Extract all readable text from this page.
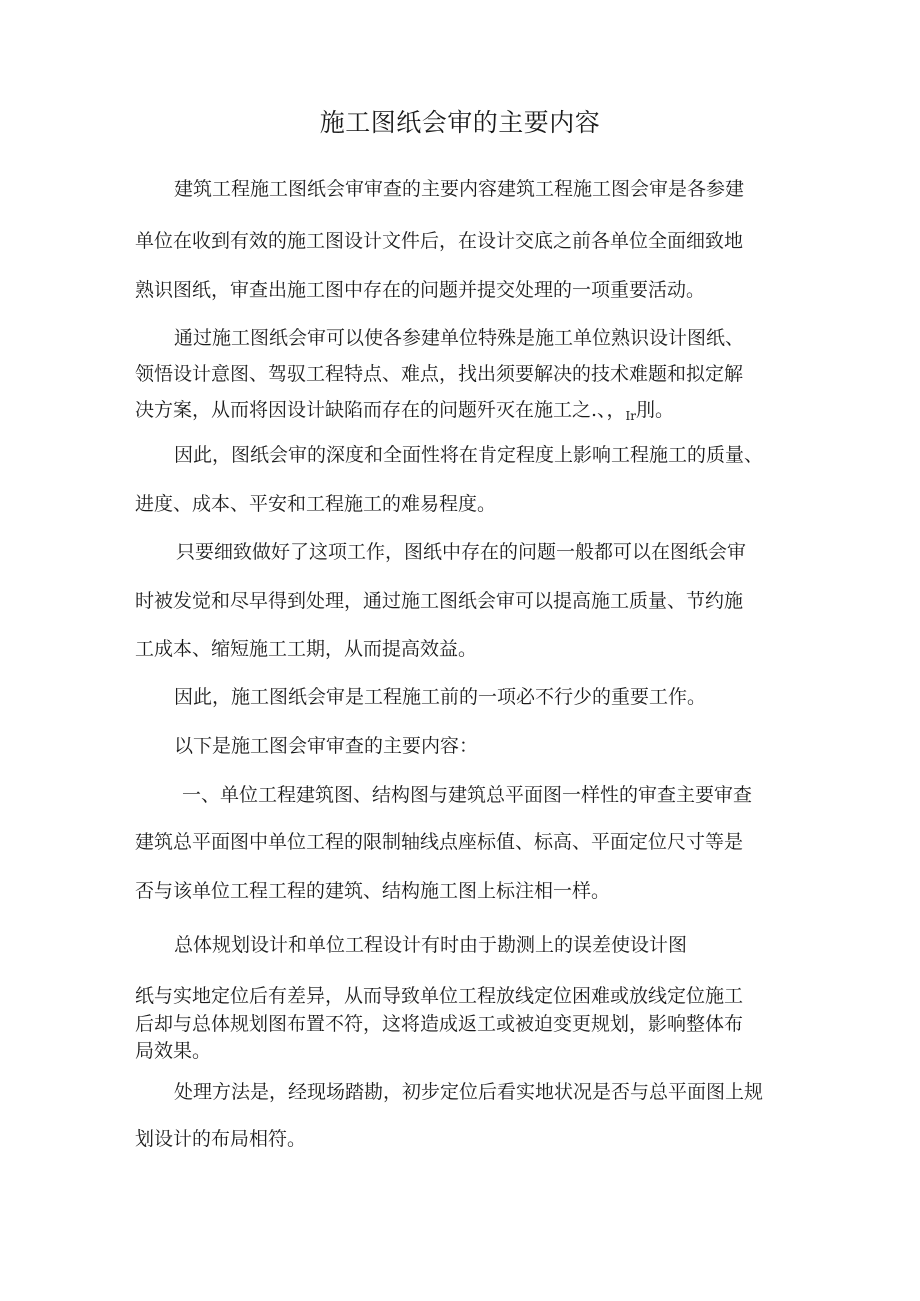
施工图纸会审的主要内容
建筑工程施工图纸会审审查的主要内容建筑工程施工图会审是各参建
单位在收到有效的施工图设计文件后，在设计交底之前各单位全面细致地
熟识图纸，审查出施工图中存在的问题并提交处理的一项重要活动。
通过施工图纸会审可以使各参建单位特殊是施工单位熟识设计图纸、
领悟设计意图、驾驭工程特点、难点，找出须要解决的技术难题和拟定解
决方案，从而将因设计缺陷而存在的问题歼灭在施工之.、，$_{Ir}$刖。
因此，图纸会审的深度和全面性将在肯定程度上影响工程施工的质量、
进度、成本、平安和工程施工的难易程度。
只要细致做好了这项工作，图纸中存在的问题一般都可以在图纸会审
时被发觉和尽早得到处理，通过施工图纸会审可以提高施工质量、节约施
工成本、缩短施工工期，从而提高效益。
因此，施工图纸会审是工程施工前的一项必不行少的重要工作。
以下是施工图会审审查的主要内容：
一、单位工程建筑图、结构图与建筑总平面图一样性的审查主要审查
建筑总平面图中单位工程的限制轴线点座标值、标高、平面定位尺寸等是
否与该单位工程工程的建筑、结构施工图上标注相一样。
总体规划设计和单位工程设计有时由于勘测上的误差使设计图
纸与实地定位后有差异，从而导致单位工程放线定位困难或放线定位施工
后却与总体规划图布置不符，这将造成返工或被迫变更规划，影响整体布
局效果。
处理方法是，经现场踏勘，初步定位后看实地状况是否与总平面图上规
划设计的布局相符。
